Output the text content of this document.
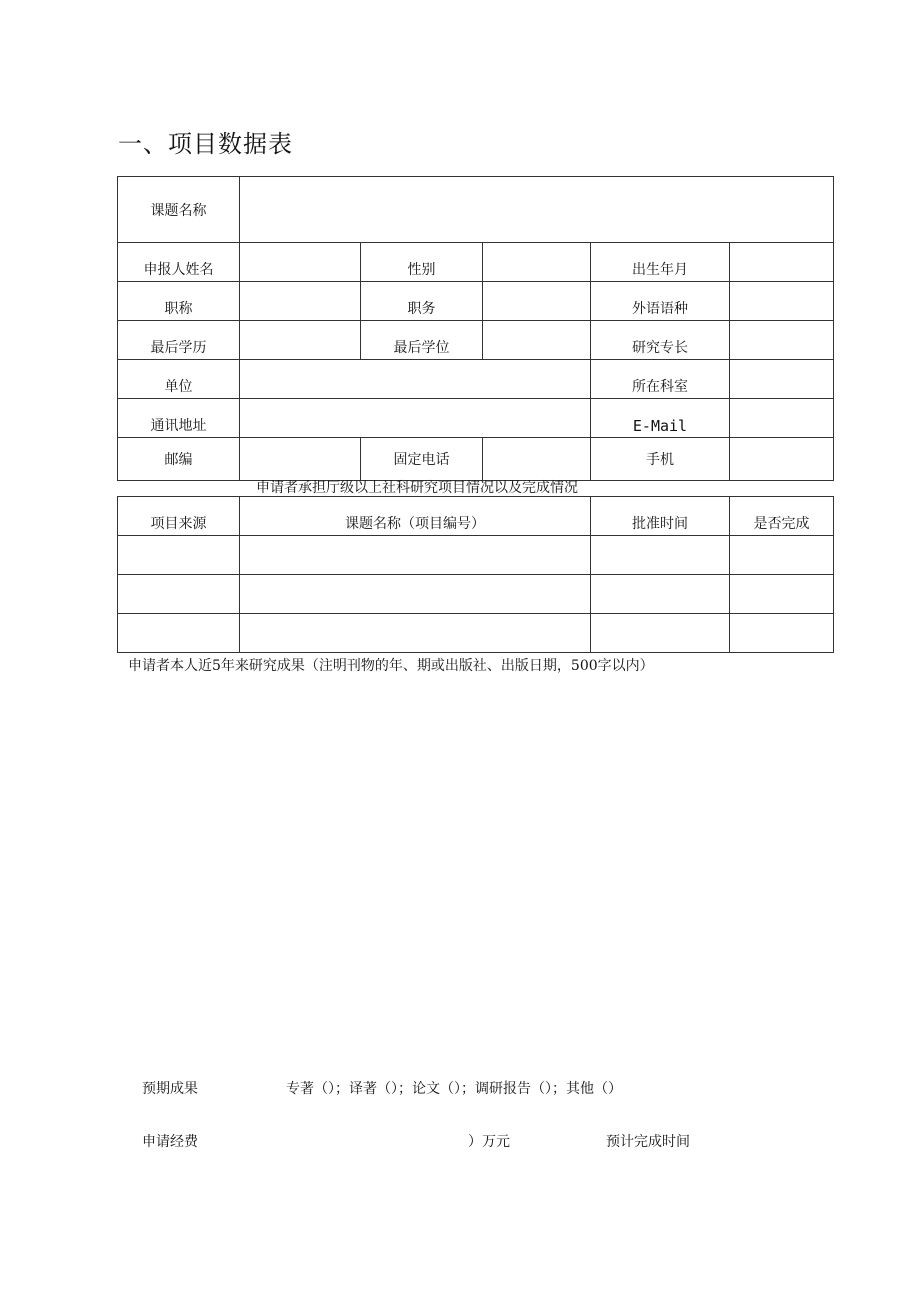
一、项目数据表
课题名称					
申报人姓名		性别		出生年月	
职称		职务		外语语种	
最后学历		最后学位		研究专长	
单位				所在科室	
通讯地址				E-Mail	
邮编		固定电话		手机	
申请者承担厅级以上社科研究项目情况以及完成情况
项目来源	课题名称（项目编号）	批准时间	是否完成

申请者本人近5年来研究成果（注明刊物的年、期或出版社、出版日期，500字以内）
预期成果	专著（）；译著（）；论文（）；调研报告（）；其他（）
申请经费	）万元	预计完成时间
